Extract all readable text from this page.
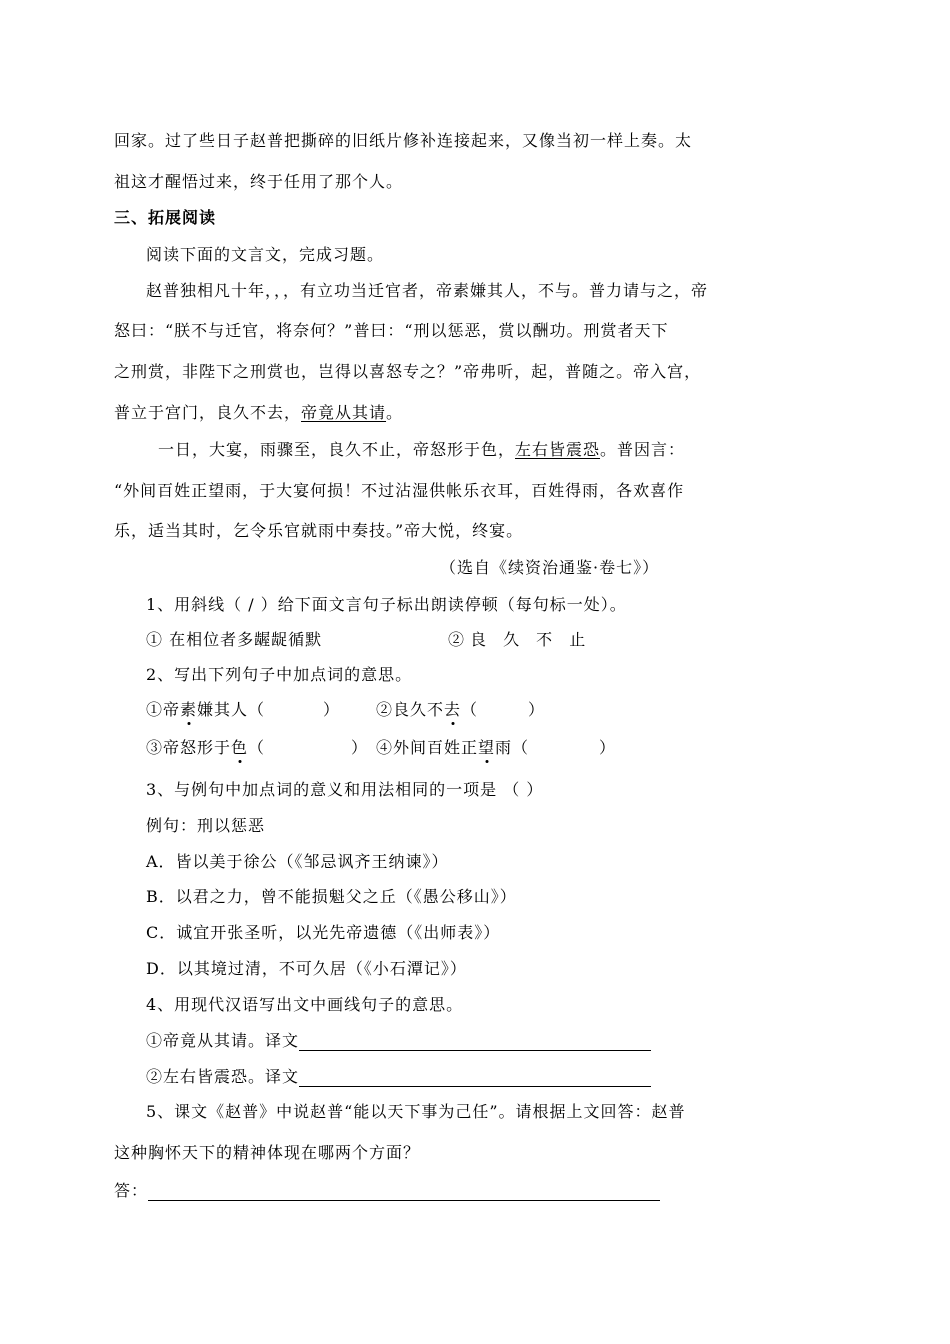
回家。过了些日子赵普把撕碎的旧纸片修补连接起来，又像当初一样上奏。太
祖这才醒悟过来，终于任用了那个人。
三、拓展阅读
阅读下面的文言文，完成习题。
赵普独相凡十年，，，有立功当迁官者，帝素嫌其人，不与。普力请与之，帝
怒曰：“朕不与迁官，将奈何？”普曰：“刑以惩恶，赏以酬功。刑赏者天下
之刑赏，非陛下之刑赏也，岂得以喜怒专之？”帝弗听，起，普随之。帝入宫，
普立于宫门，良久不去，帝竟从其请。
一日，大宴，雨骤至，良久不止，帝怒形于色，左右皆震恐。普因言：
“外间百姓正望雨，于大宴何损！不过沾湿供帐乐衣耳，百姓得雨，各欢喜作
乐，适当其时，乞令乐官就雨中奏技。”帝大悦，终宴。
（选自《续资治通鉴·卷七》）
1、用斜线（ / ）给下面文言句子标出朗读停顿（每句标一处）。
① 在相位者多龌龊循默	②良 久 不 止
2、写出下列句子中加点词的意思。
①帝素嫌其人（	） ②良久不去（	）
③帝怒形于色（	） ④外间百姓正望雨（	）
3、与例句中加点词的意义和用法相同的一项是 （ ）
例句：刑以惩恶
A．皆以美于徐公（《邹忌讽齐王纳谏》）
B．以君之力，曾不能损魁父之丘（《愚公移山》）
C．诚宜开张圣听，以光先帝遗德（《出师表》）
D．以其境过清，不可久居（《小石潭记》）
4、用现代汉语写出文中画线句子的意思。
①帝竟从其请。译文
②左右皆震恐。译文
5、课文《赵普》中说赵普“能以天下事为己任”。请根据上文回答：赵普
这种胸怀天下的精神体现在哪两个方面？
答：
